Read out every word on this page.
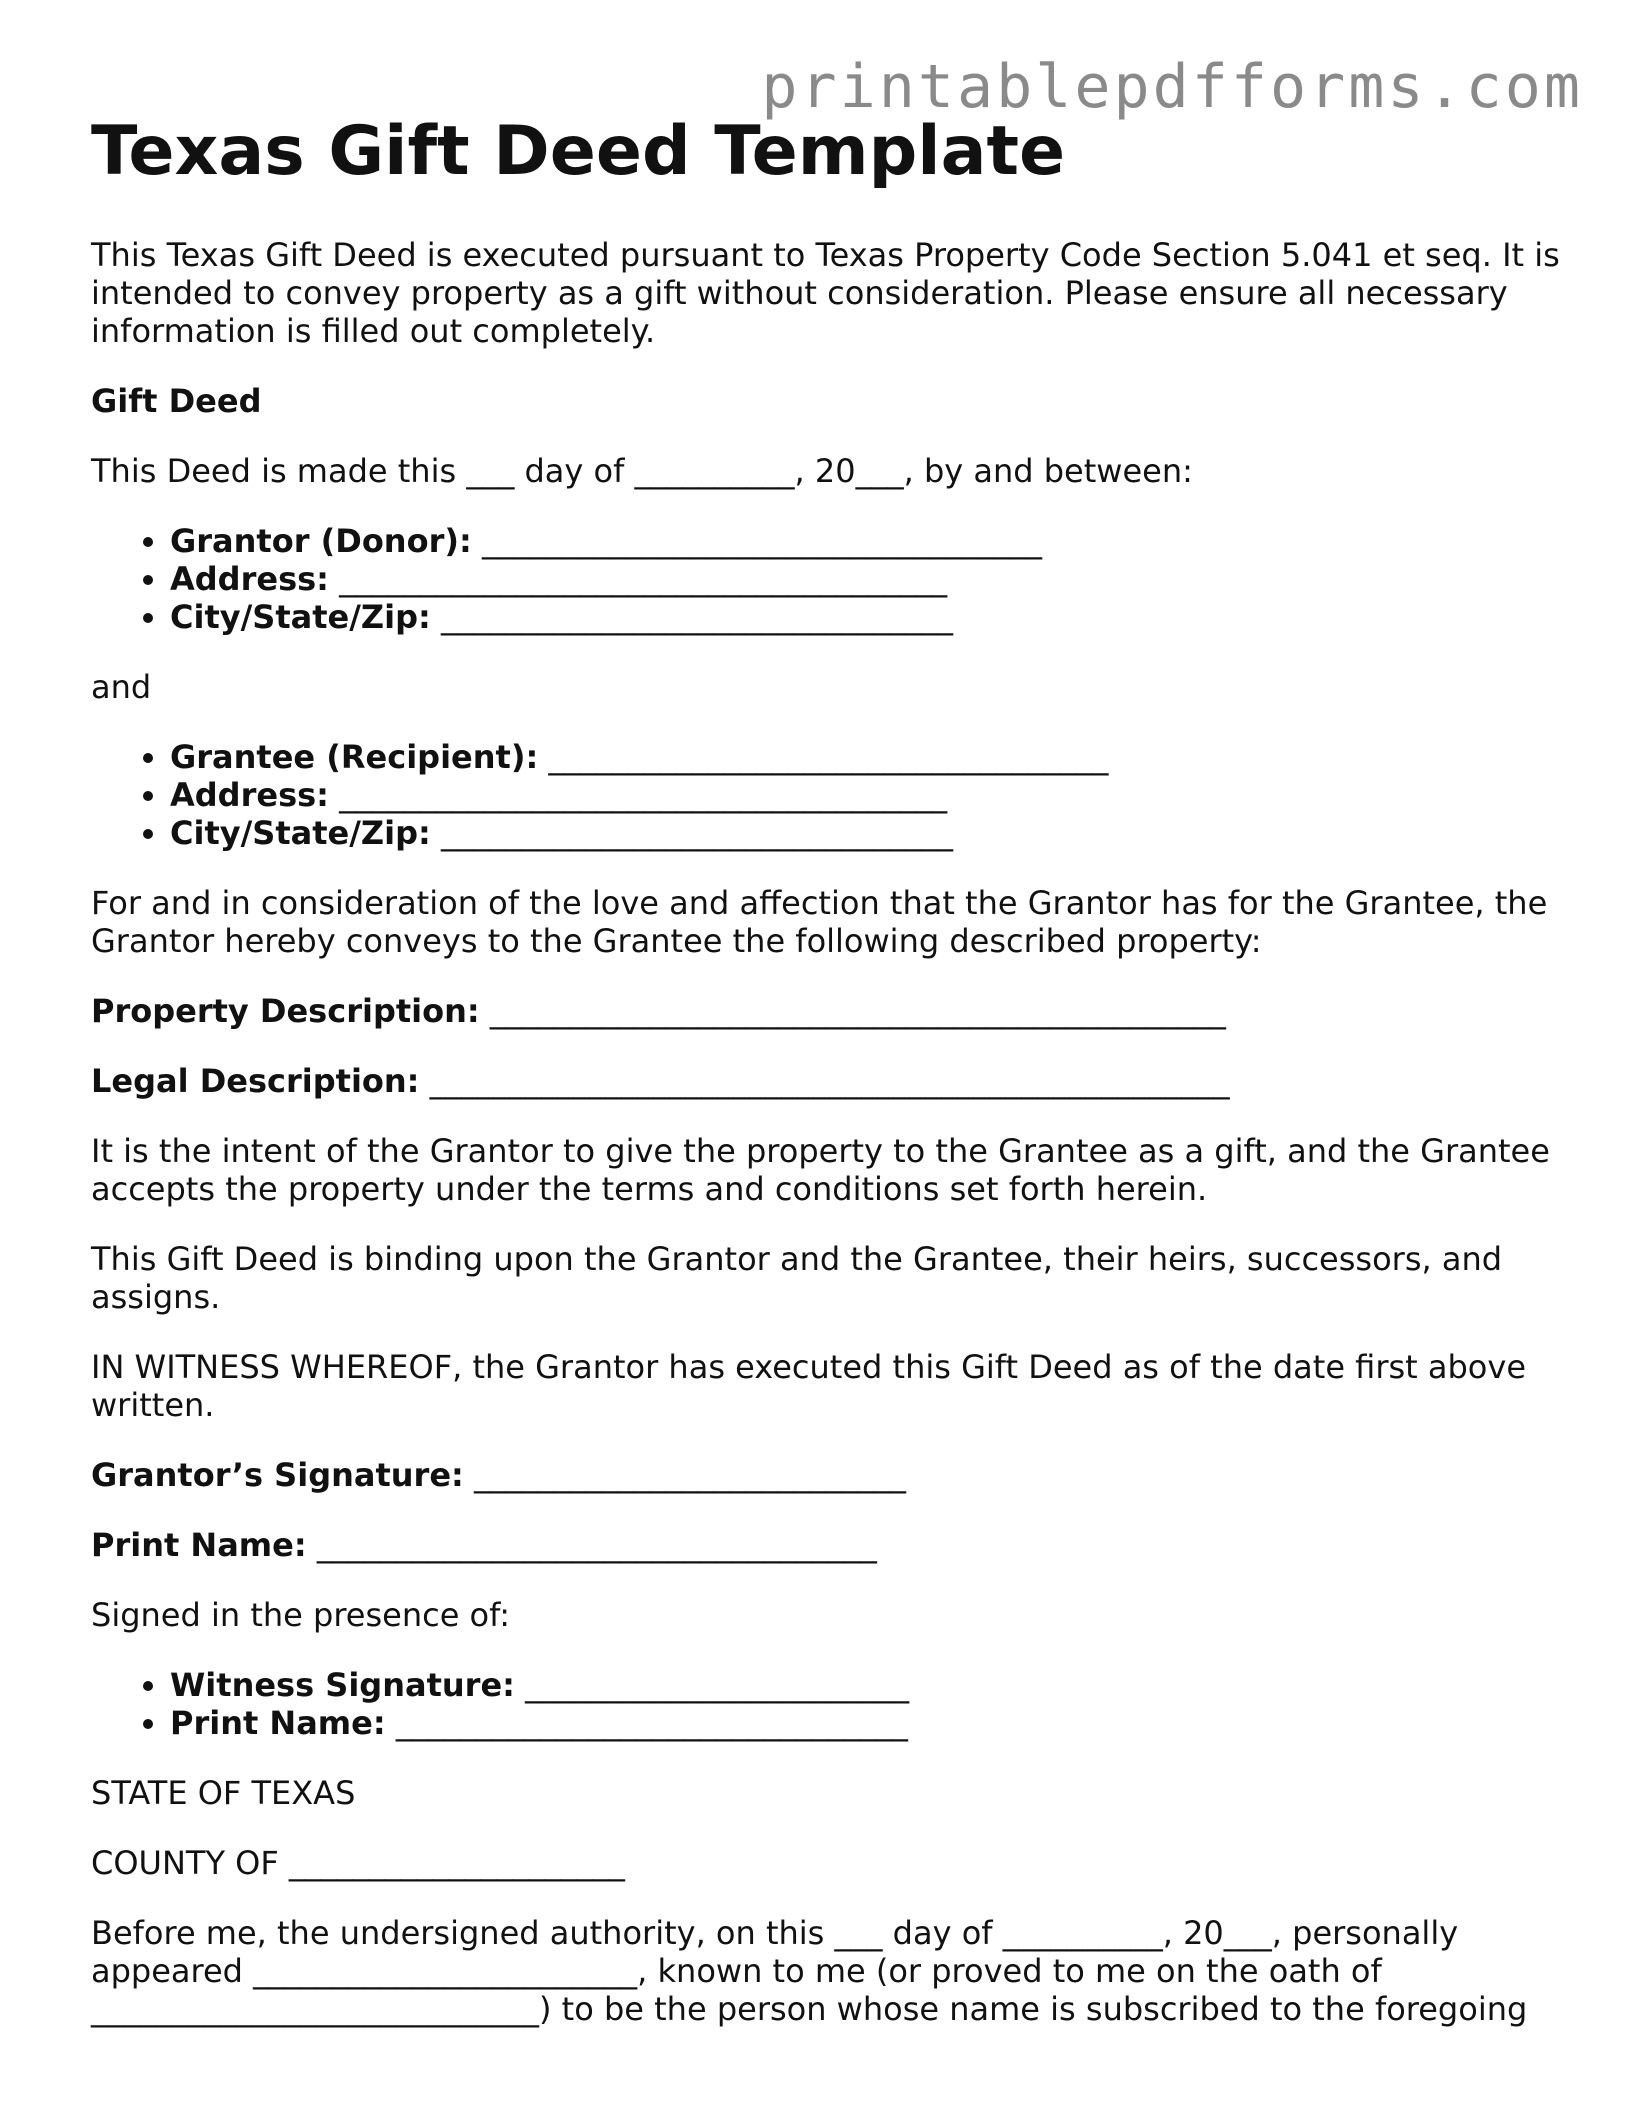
printablepdfforms.com
Texas Gift Deed Template

This Texas Gift Deed is executed pursuant to Texas Property Code Section 5.041 et seq. It is intended to convey property as a gift without consideration. Please ensure all necessary information is filled out completely.

Gift Deed

This Deed is made this ___ day of __________, 20___, by and between:

• Grantor (Donor): ___________________________________
• Address: ______________________________________
• City/State/Zip: ________________________________

and

• Grantee (Recipient): ___________________________________
• Address: ______________________________________
• City/State/Zip: ________________________________

For and in consideration of the love and affection that the Grantor has for the Grantee, the Grantor hereby conveys to the Grantee the following described property:

Property Description: ______________________________________________

Legal Description: __________________________________________________

It is the intent of the Grantor to give the property to the Grantee as a gift, and the Grantee accepts the property under the terms and conditions set forth herein.

This Gift Deed is binding upon the Grantor and the Grantee, their heirs, successors, and assigns.

IN WITNESS WHEREOF, the Grantor has executed this Gift Deed as of the date first above written.

Grantor’s Signature: ___________________________

Print Name: ___________________________________

Signed in the presence of:

• Witness Signature: ________________________
• Print Name: ________________________________

STATE OF TEXAS

COUNTY OF _____________________

Before me, the undersigned authority, on this ___ day of __________, 20___, personally appeared ________________________, known to me (or proved to me on the oath of ____________________________) to be the person whose name is subscribed to the foregoing
